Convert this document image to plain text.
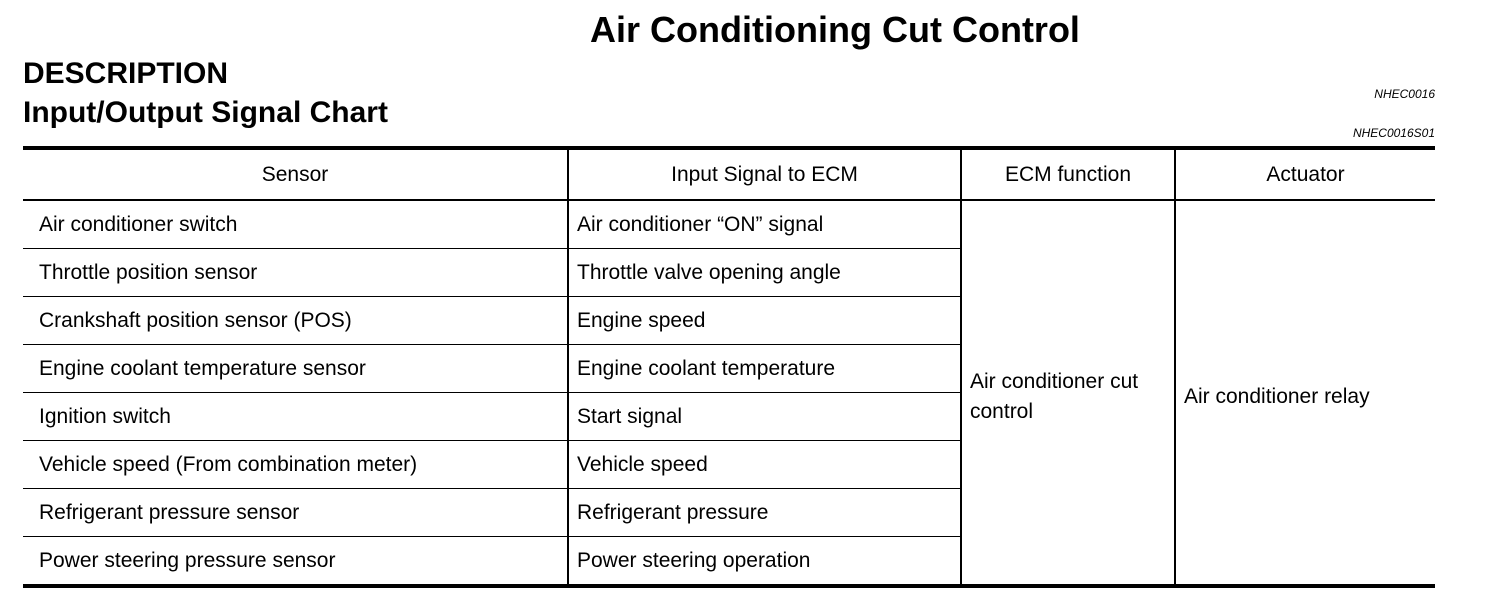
Air Conditioning Cut Control
DESCRIPTION
Input/Output Signal Chart
NHEC0016
NHEC0016S01
Sensor	Input Signal to ECM	ECM function	Actuator
Air conditioner switch	Air conditioner “ON” signal	Air conditioner cut control	Air conditioner relay
Throttle position sensor	Throttle valve opening angle		
Crankshaft position sensor (POS)	Engine speed		
Engine coolant temperature sensor	Engine coolant temperature		
Ignition switch	Start signal		
Vehicle speed (From combination meter)	Vehicle speed		
Refrigerant pressure sensor	Refrigerant pressure		
Power steering pressure sensor	Power steering operation		
